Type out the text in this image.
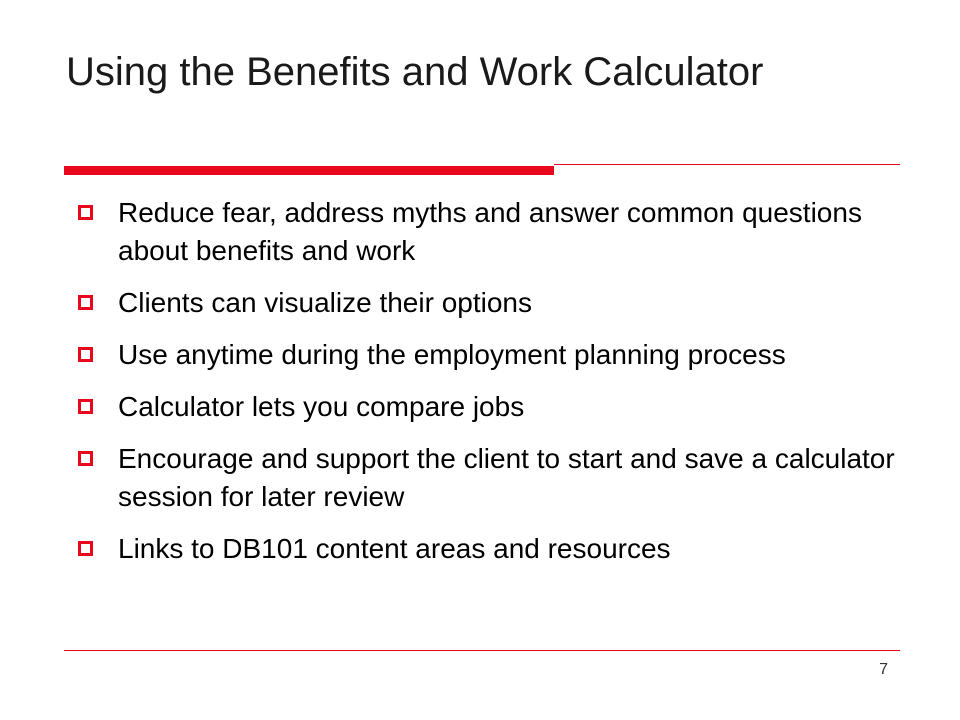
Using the Benefits and Work Calculator
Reduce fear, address myths and answer common questions about benefits and work
Clients can visualize their options
Use anytime during the employment planning process
Calculator lets you compare jobs
Encourage and support the client to start and save a calculator session for later review
Links to DB101 content areas and resources
7
